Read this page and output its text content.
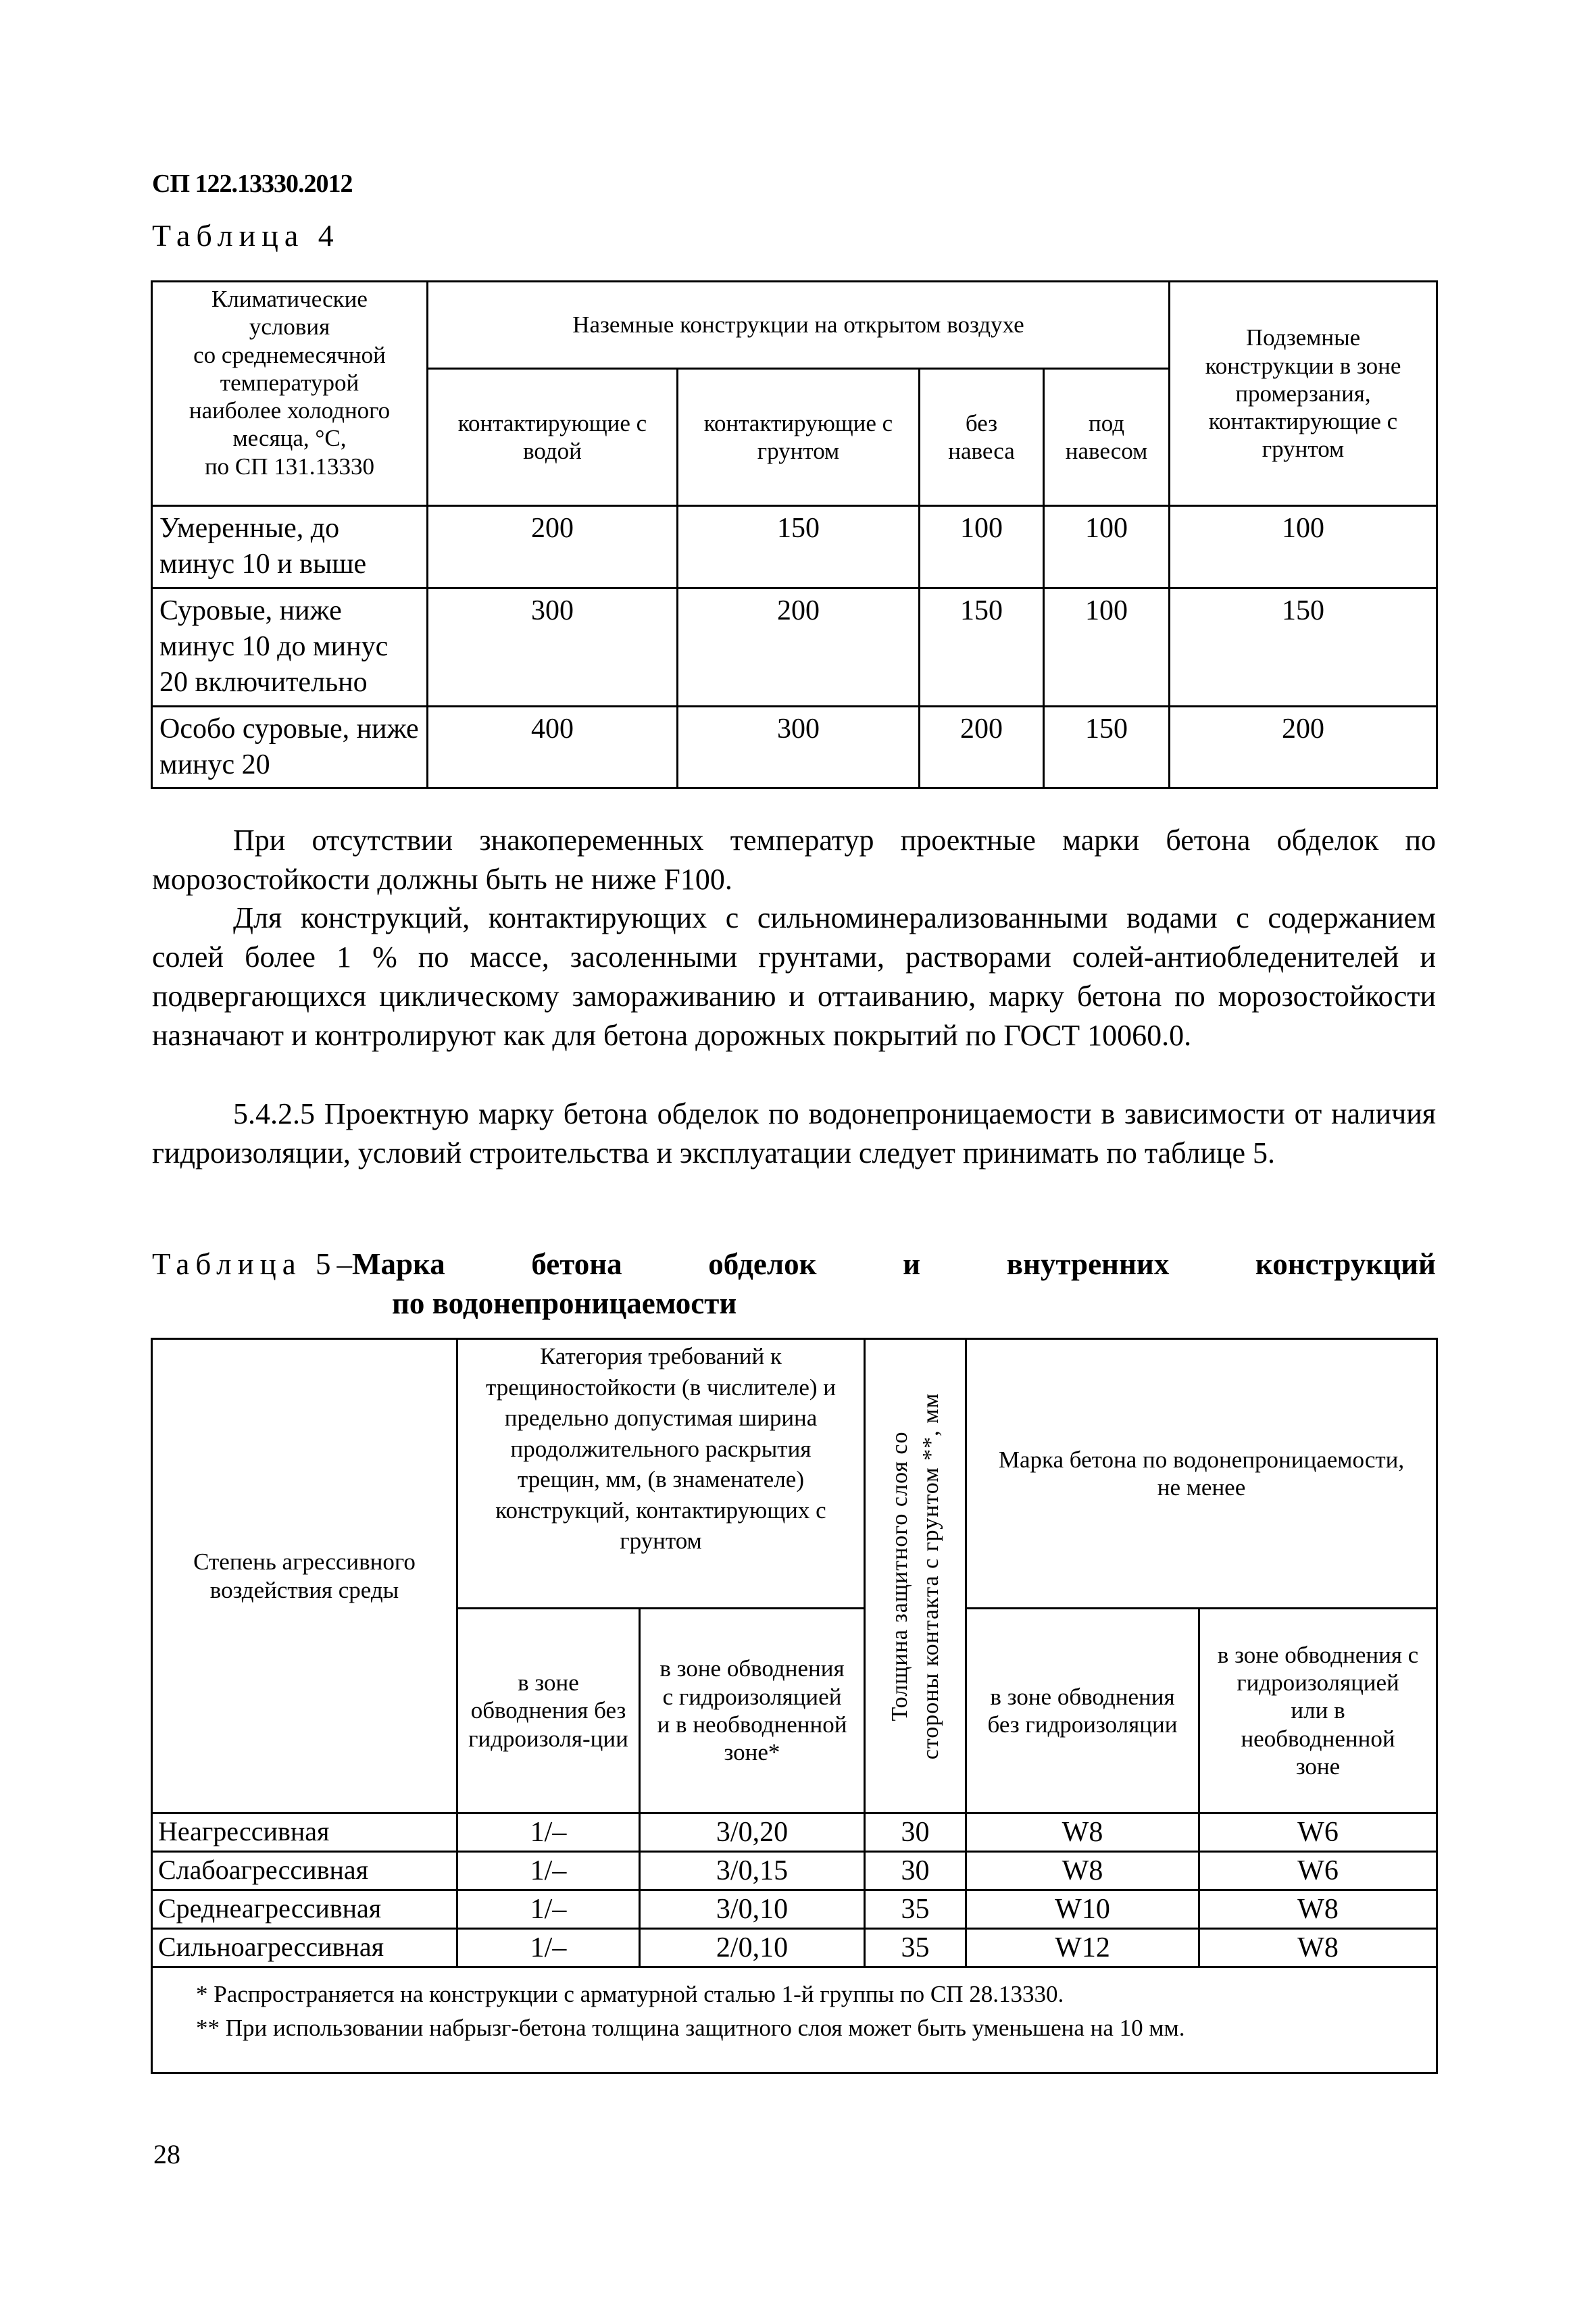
СП 122.13330.2012
Таблица 4
Климатические
условия
со среднемесячной
температурой
наиболее холодного
месяца, °С,
по СП 131.13330	Наземные конструкции на открытом воздухе	Подземные конструкции в зоне промерзания, контактирующие с грунтом
	контактирующие с водой	контактирующие с грунтом	без навеса	под навесом	
Умеренные, до минус 10 и выше	200	150	100	100	100
Суровые, ниже минус 10 до минус 20 включительно	300	200	150	100	150
Особо суровые, ниже минус 20	400	300	200	150	200
При отсутствии знакопеременных температур проектные марки бетона обделок по морозостойкости должны быть не ниже F100.
Для конструкций, контактирующих с сильноминерализованными водами с содержанием солей более 1 % по массе, засоленными грунтами, растворами солей-антиобледенителей и подвергающихся циклическому замораживанию и оттаиванию, марку бетона по морозостойкости назначают и контролируют как для бетона дорожных покрытий по ГОСТ 10060.0.
5.4.2.5 Проектную марку бетона обделок по водонепроницаемости в зависимости от наличия гидроизоляции, условий строительства и эксплуатации следует принимать по таблице 5.
Таблица 5–Марка	бетона	обделок	и	внутренних	конструкций
по водонепроницаемости
Степень агрессивного воздействия среды	Категория требований к трещиностойкости (в числителе) и предельно допустимая ширина продолжительного раскрытия трещин, мм, (в знаменателе) конструкций, контактирующих с грунтом		Толщина защитного слоя со стороны контакта с грунтом **, мм	Марка бетона по водонепроницаемости, не менее	
	в зоне обводнения без гидроизоля-ции	в зоне обводнения с гидроизоляцией и в необводненной зоне*		в зоне обводнения без гидроизоляции	в зоне обводнения с гидроизоляцией или в необводненной зоне
Неагрессивная	1/–	3/0,20	30	W8	W6
Слабоагрессивная	1/–	3/0,15	30	W8	W6
Среднеагрессивная	1/–	3/0,10	35	W10	W8
Сильноагрессивная	1/–	2/0,10	35	W12	W8

* Распространяется на конструкции с арматурной сталью 1-й группы по СП 28.13330.
** При использовании набрызг-бетона толщина защитного слоя может быть уменьшена на 10 мм.					
28
